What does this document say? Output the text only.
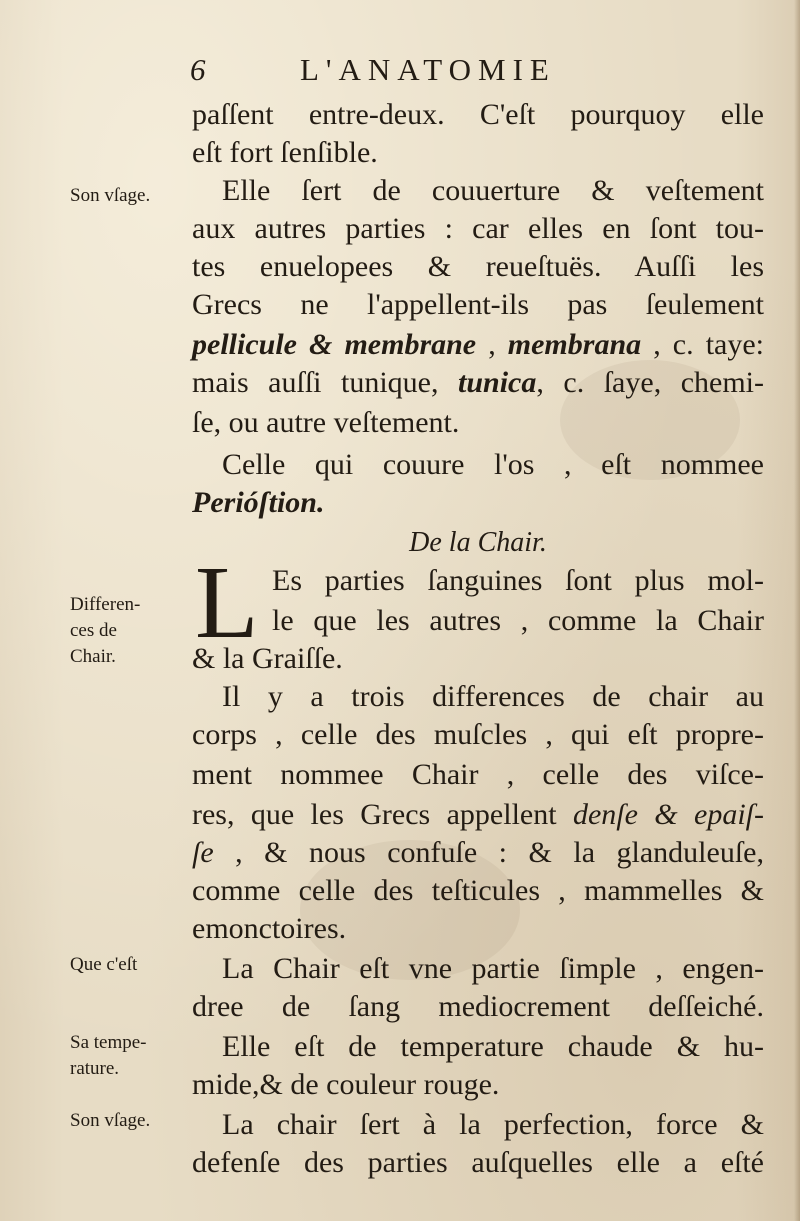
6	L'ANATOMIE
Son vſage.
Differen-
ces de
Chair.
Que c'eſt
Sa tempe-
rature.
Son vſage.
paſſent entre-deux. C'eſt pourquoy elle
eſt fort ſenſible.
Elle ſert de couuerture & veſtement
aux autres parties : car elles en ſont tou-
tes enuelopees & reueſtuës. Auſſi les
Grecs ne l'appellent-ils pas ſeulement
pellicule & membrane , membrana , c. taye:
mais auſſi tunique, tunica, c. ſaye, chemi-
ſe, ou autre veſtement.
Celle qui couure l'os , eſt nommee
Perióſtion.
De la Chair.
L Es parties ſanguines ſont plus mol-
le que les autres , comme la Chair
& la Graiſſe.
Il y a trois differences de chair au
corps , celle des muſcles , qui eſt propre-
ment nommee Chair , celle des viſce-
res, que les Grecs appellent denſe & epaiſ-
ſe , & nous confuſe : & la glanduleuſe,
comme celle des teſticules , mammelles &
emonctoires.
La Chair eſt vne partie ſimple , engen-
dree de ſang mediocrement deſſeiché.
Elle eſt de temperature chaude & hu-
mide,& de couleur rouge.
La chair ſert à la perfection, force &
defenſe des parties auſquelles elle a eſté
